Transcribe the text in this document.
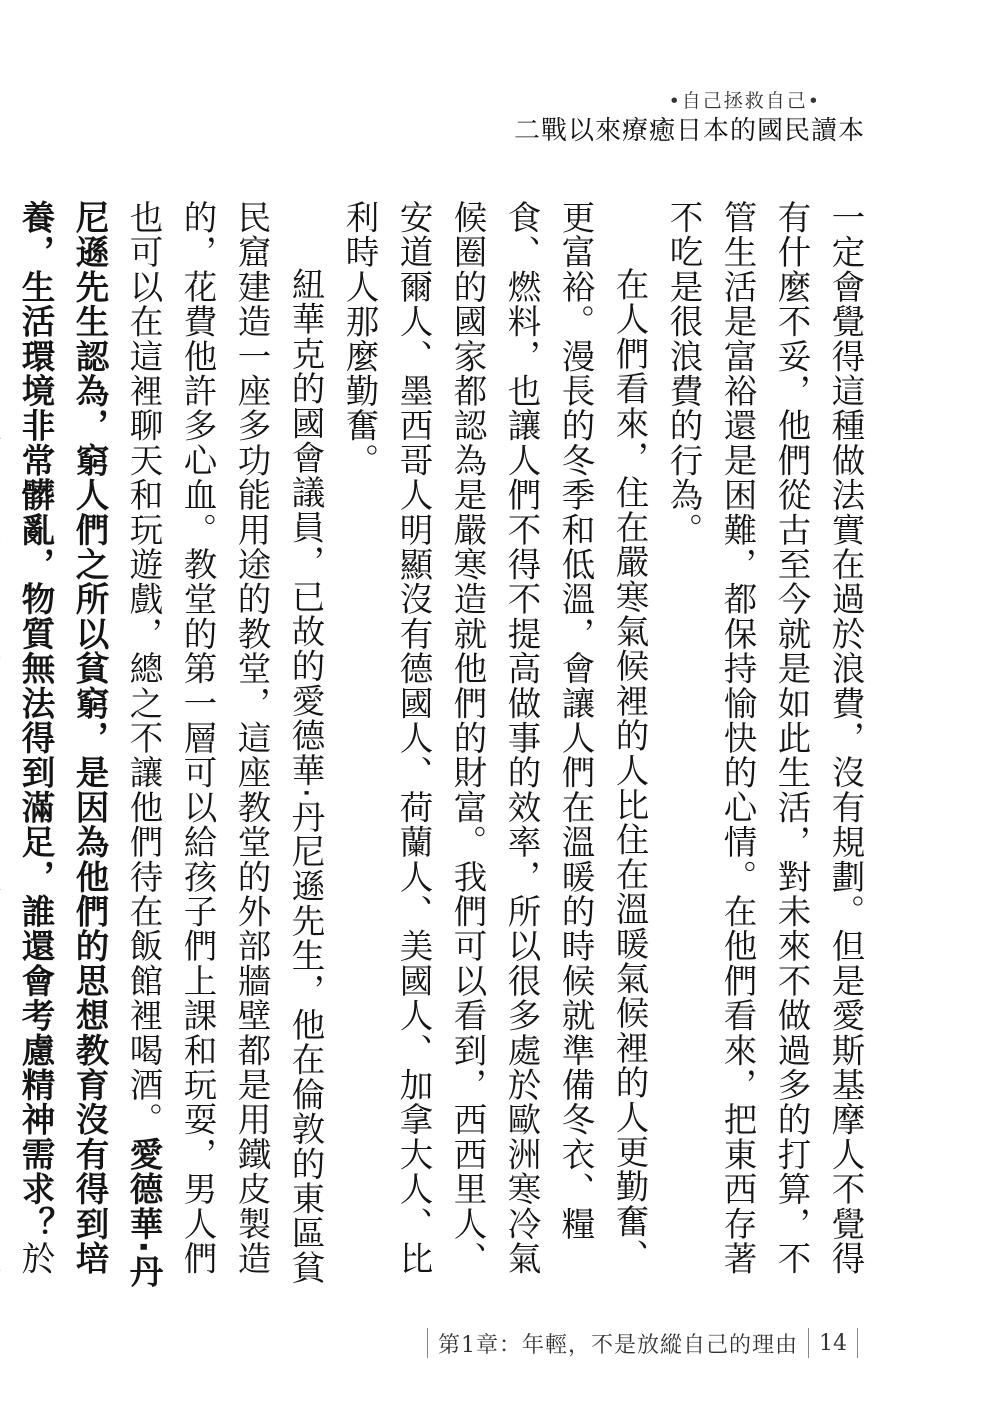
•自己拯救自己•
二戰以來療癒日本的國民讀本

一定會覺得這種做法實在過於浪費，沒有規劃。但是愛斯基摩人不覺得有什麼不妥，他們從古至今就是如此生活，對未來不做過多的打算，不管生活是富裕還是困難，都保持愉快的心情。在他們看來，把東西存著不吃是很浪費的行為。

在人們看來，住在嚴寒氣候裡的人比住在溫暖氣候裡的人更勤奮、更富裕。漫長的冬季和低溫，會讓人們在溫暖的時候就準備冬衣、糧食、燃料，也讓人們不得不提高做事的效率，所以很多處於歐洲寒冷氣候圈的國家都認為是嚴寒造就他們的財富。我們可以看到，西西里人、安道爾人、墨西哥人明顯沒有德國人、荷蘭人、美國人、加拿大人、比利時人那麼勤奮。

紐華克的國會議員，已故的愛德華‧丹尼遜先生，他在倫敦的東區貧民窟建造一座多功能用途的教堂，這座教堂的外部牆壁都是用鐵皮製造的，花費他許多心血。教堂的第一層可以給孩子們上課和玩耍，男人們也可以在這裡聊天和玩遊戲，總之不讓他們待在飯館裡喝酒。愛德華‧丹尼遜先生認為，窮人們之所以貧窮，是因為他們的思想教育沒有得到培養，生活環境非常髒亂，物質無法得到滿足，誰還會考慮精神需求？於

第1章：年輕，不是放縱自己的理由 14
